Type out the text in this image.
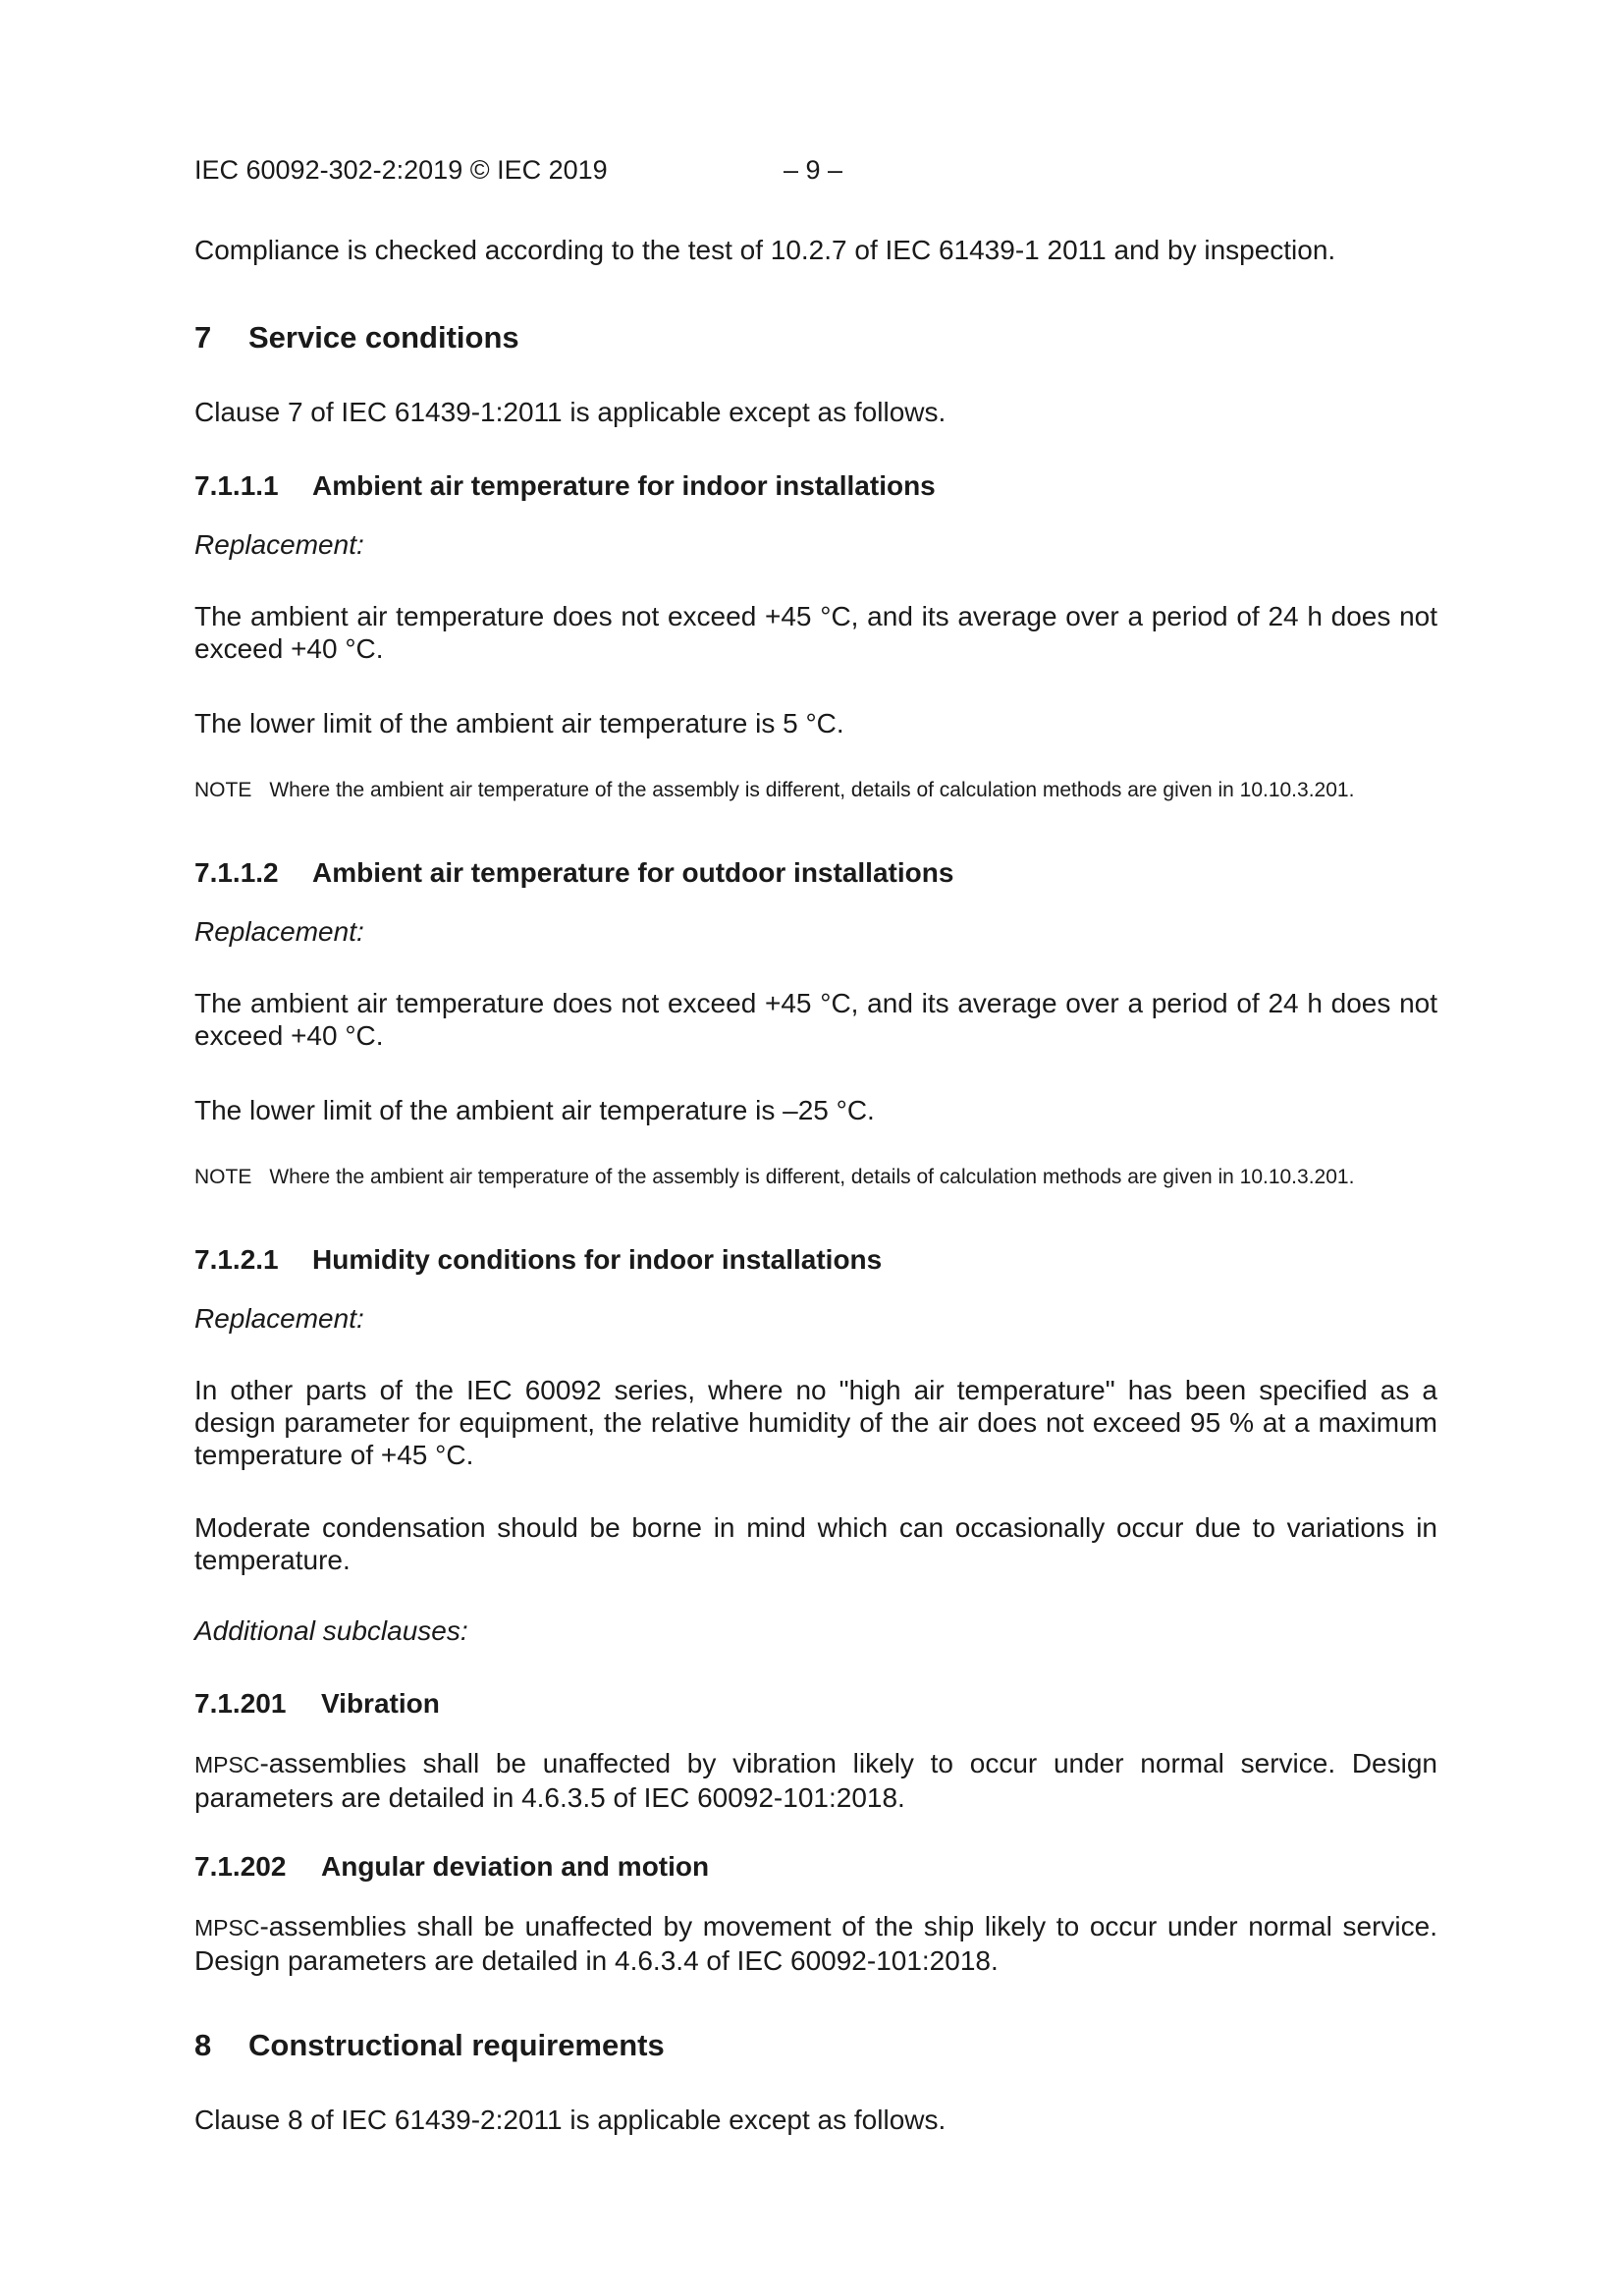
IEC 60092-302-2:2019 © IEC 2019	– 9 –

Compliance is checked according to the test of 10.2.7 of IEC 61439-1 2011 and by inspection.

7 Service conditions

Clause 7 of IEC 61439-1:2011 is applicable except as follows.

7.1.1.1 Ambient air temperature for indoor installations

Replacement:

The ambient air temperature does not exceed +45 °C, and its average over a period of 24 h does not exceed +40 °C.

The lower limit of the ambient air temperature is 5 °C.

NOTE Where the ambient air temperature of the assembly is different, details of calculation methods are given in 10.10.3.201.
7.1.1.2 Ambient air temperature for outdoor installations

Replacement:

The ambient air temperature does not exceed +45 °C, and its average over a period of 24 h does not exceed +40 °C.

The lower limit of the ambient air temperature is –25 °C.

NOTE Where the ambient air temperature of the assembly is different, details of calculation methods are given in 10.10.3.201.
7.1.2.1 Humidity conditions for indoor installations

Replacement:

In other parts of the IEC 60092 series, where no "high air temperature" has been specified as a design parameter for equipment, the relative humidity of the air does not exceed 95 % at a maximum temperature of +45 °C.

Moderate condensation should be borne in mind which can occasionally occur due to variations in temperature.

Additional subclauses:

7.1.201 Vibration

MPSC-assemblies shall be unaffected by vibration likely to occur under normal service. Design parameters are detailed in 4.6.3.5 of IEC 60092-101:2018.

7.1.202 Angular deviation and motion

MPSC-assemblies shall be unaffected by movement of the ship likely to occur under normal service. Design parameters are detailed in 4.6.3.4 of IEC 60092-101:2018.

8 Constructional requirements

Clause 8 of IEC 61439-2:2011 is applicable except as follows.
